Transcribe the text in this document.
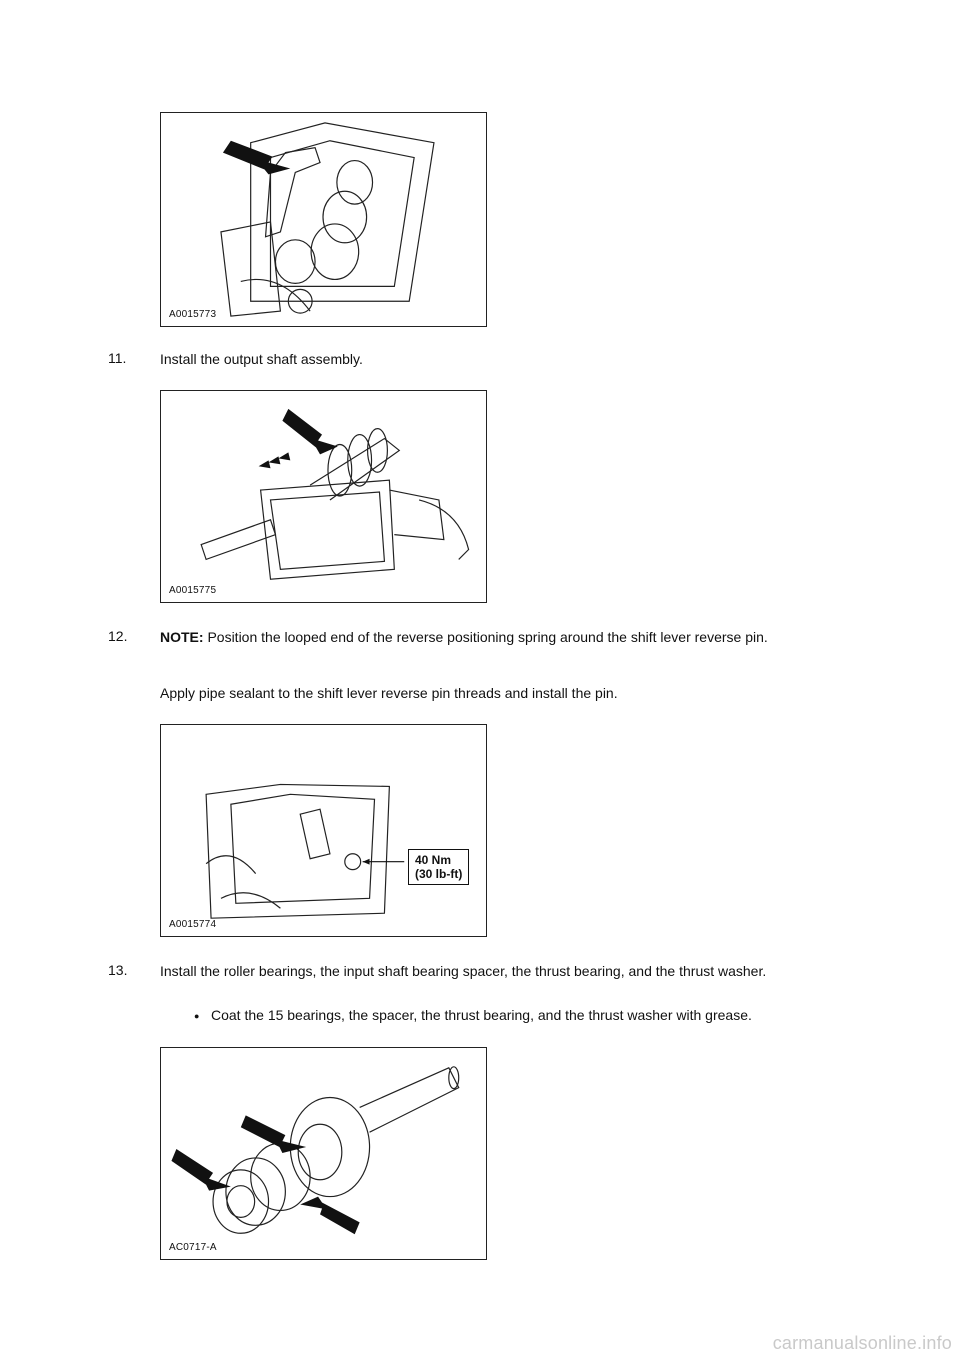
A0015773
11. Install the output shaft assembly.
A0015775
12. NOTE: Position the looped end of the reverse positioning spring around the shift lever reverse pin.
Apply pipe sealant to the shift lever reverse pin threads and install the pin.
40 Nm
(30 lb-ft)
A0015774
13. Install the roller bearings, the input shaft bearing spacer, the thrust bearing, and the thrust washer.
● Coat the 15 bearings, the spacer, the thrust bearing, and the thrust washer with grease.
AC0717-A
carmanualsonline.info
